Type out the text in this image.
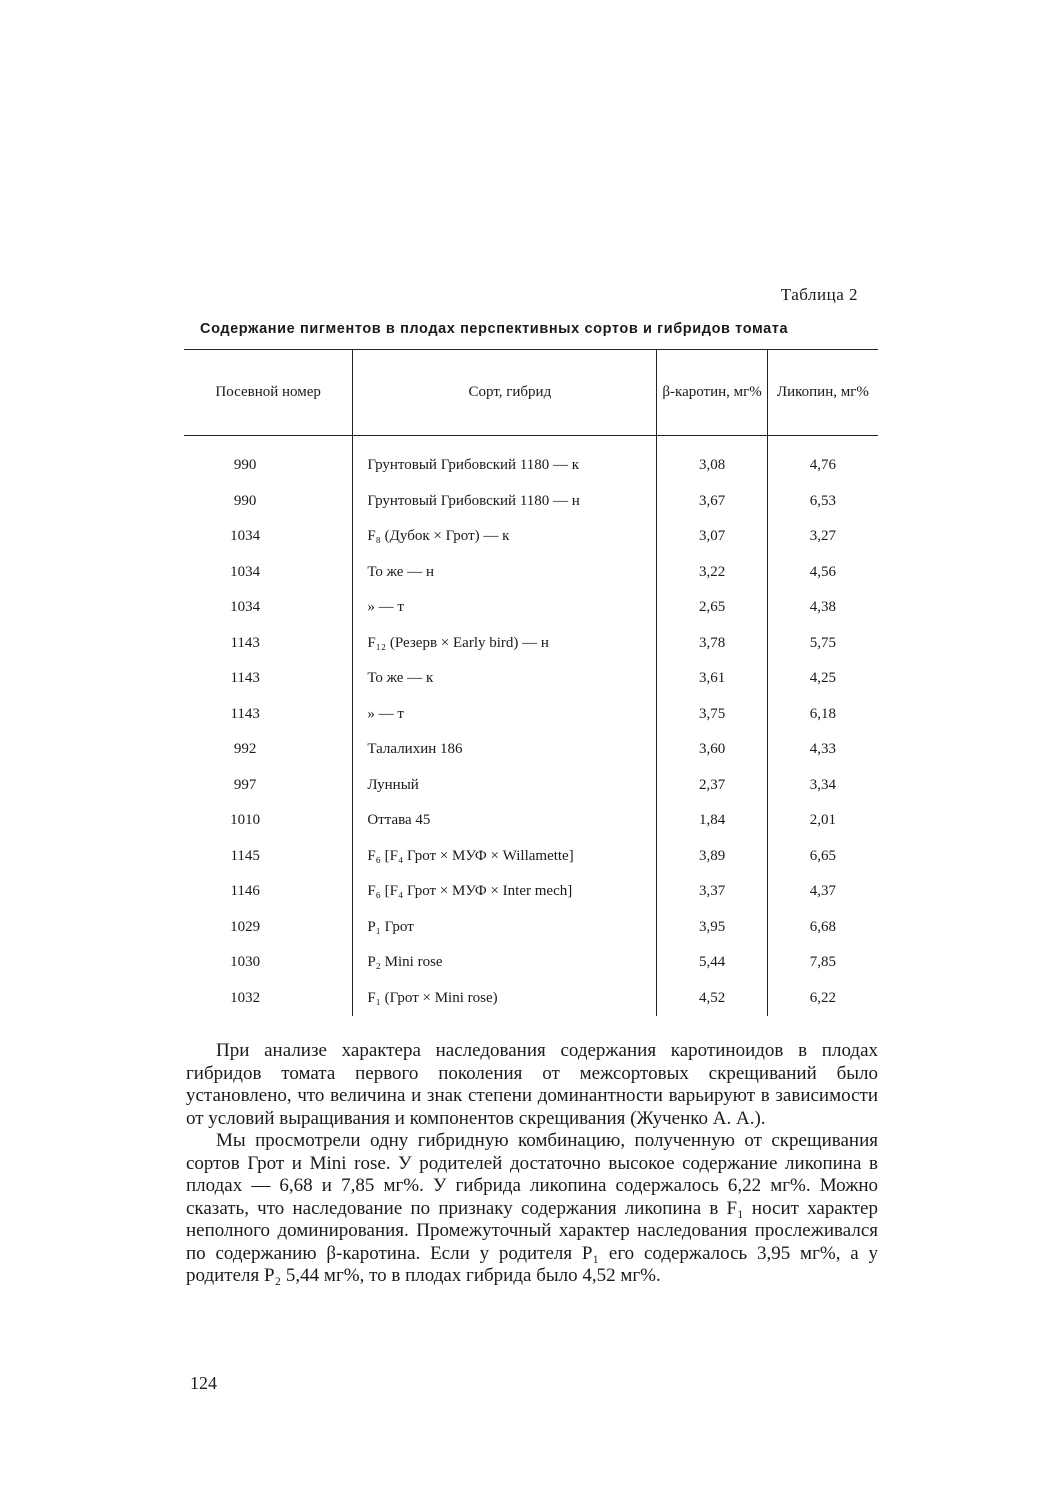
Таблица 2
Содержание пигментов в плодах перспективных сортов и гибридов томата
Посевной номер	Сорт, гибрид	β-каротин, мг%	Ликопин, мг%
990	Грунтовый Грибовский 1180 — к	3,08	4,76
990	Грунтовый Грибовский 1180 — н	3,67	6,53
1034	F₈ (Дубок × Грот) — к	3,07	3,27
1034	То же — н	3,22	4,56
1034	» — т	2,65	4,38
1143	F₁₂ (Резерв × Early bird) — н	3,78	5,75
1143	То же — к	3,61	4,25
1143	» — т	3,75	6,18
992	Талалихин 186	3,60	4,33
997	Лунный	2,37	3,34
1010	Оттава 45	1,84	2,01
1145	F₆ [F₄ Грот × МУФ × Willamette]	3,89	6,65
1146	F₆ [F₄ Грот × МУФ × Inter mech]	3,37	4,37
1029	P₁ Грот	3,95	6,68
1030	P₂ Mini rose	5,44	7,85
1032	F₁ (Грот × Mini rose)	4,52	6,22

При анализе характера наследования содержания каротиноидов в плодах гибридов томата первого поколения от межсортовых скрещиваний было установлено, что величина и знак степени доминантности варьируют в зависимости от условий выращивания и компонентов скрещивания (Жученко А. А.).

Мы просмотрели одну гибридную комбинацию, полученную от скрещивания сортов Грот и Mini rose. У родителей достаточно высокое содержание ликопина в плодах — 6,68 и 7,85 мг%. У гибрида ликопина содержалось 6,22 мг%. Можно сказать, что наследование по признаку содержания ликопина в F₁ носит характер неполного доминирования. Промежуточный характер наследования прослеживался по содержанию β-каротина. Если у родителя P₁ его содержалось 3,95 мг%, а у родителя P₂ 5,44 мг%, то в плодах гибрида было 4,52 мг%.

124
